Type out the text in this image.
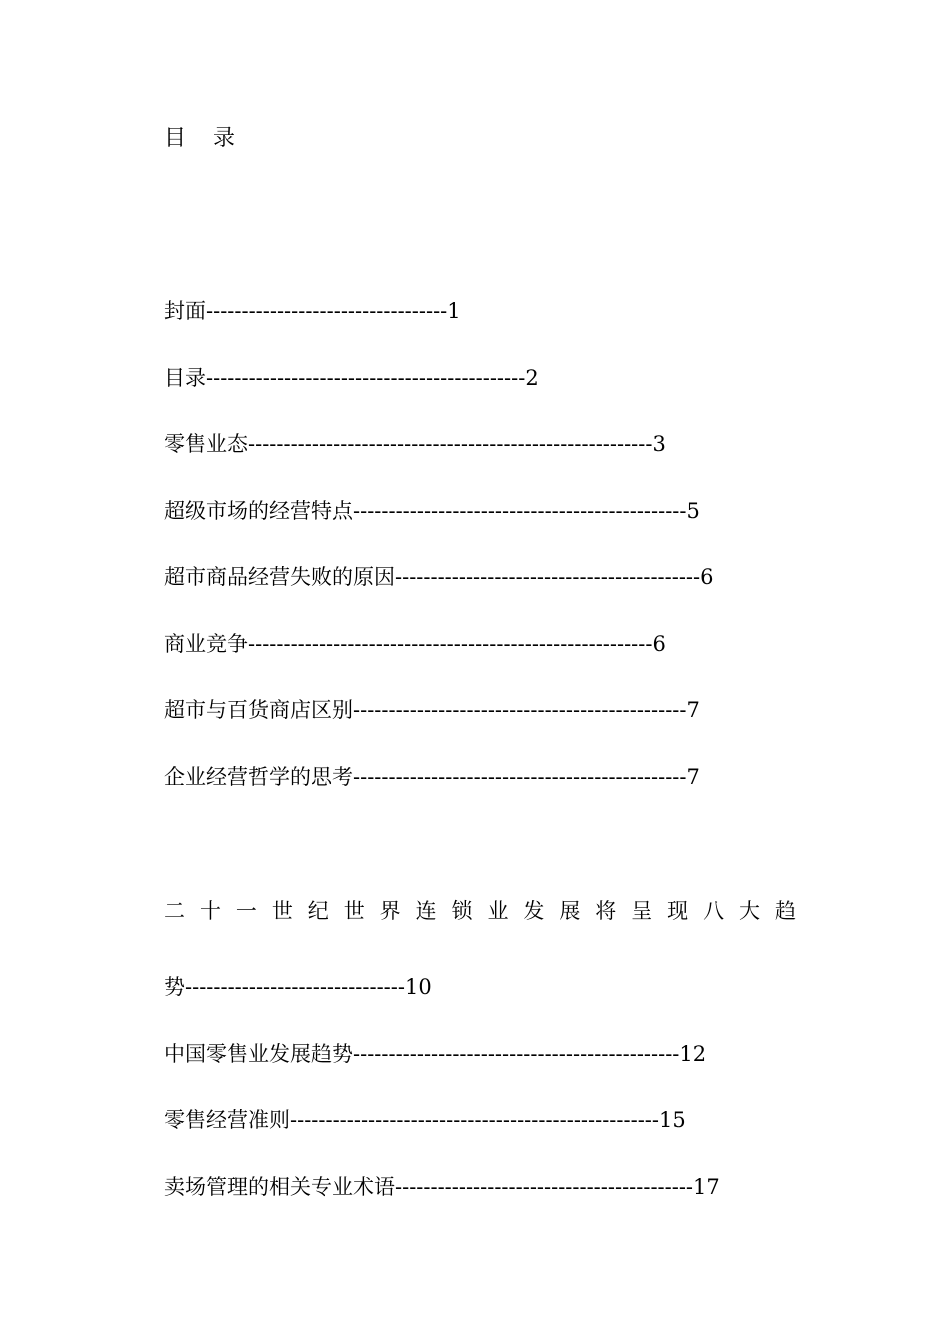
目 录
封面----------------------------------1
目录---------------------------------------------2
零售业态---------------------------------------------------------3
超级市场的经营特点-----------------------------------------------5
超市商品经营失败的原因-------------------------------------------6
商业竞争---------------------------------------------------------6
超市与百货商店区别-----------------------------------------------7
企业经营哲学的思考-----------------------------------------------7
二 十 一 世 纪 世 界 连 锁 业 发 展 将 呈 现 八 大 趋
势-------------------------------10
中国零售业发展趋势----------------------------------------------12
零售经营准则----------------------------------------------------15
卖场管理的相关专业术语------------------------------------------17
